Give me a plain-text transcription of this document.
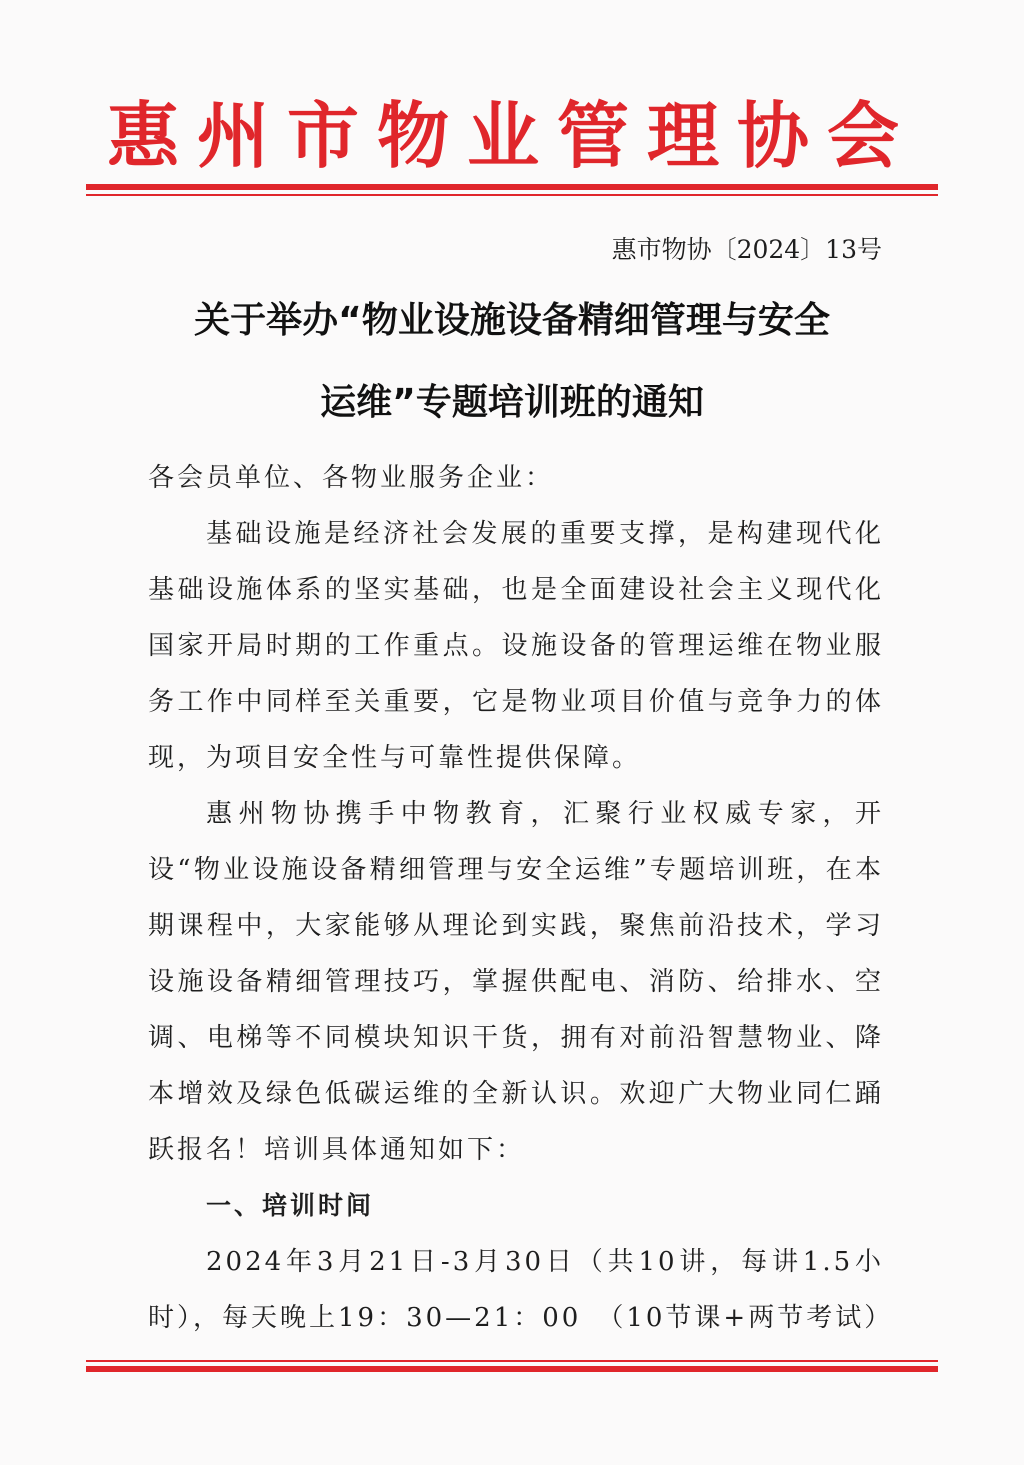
惠州市物业管理协会
惠市物协〔2024〕13号
关于举办“物业设施设备精细管理与安全
运维”专题培训班的通知

各会员单位、各物业服务企业：

基础设施是经济社会发展的重要支撑，是构建现代化基础设施体系的坚实基础，也是全面建设社会主义现代化国家开局时期的工作重点。设施设备的管理运维在物业服务工作中同样至关重要，它是物业项目价值与竞争力的体现，为项目安全性与可靠性提供保障。

惠州物协携手中物教育，汇聚行业权威专家，开设“物业设施设备精细管理与安全运维”专题培训班，在本期课程中，大家能够从理论到实践，聚焦前沿技术，学习设施设备精细管理技巧，掌握供配电、消防、给排水、空调、电梯等不同模块知识干货，拥有对前沿智慧物业、降本增效及绿色低碳运维的全新认识。欢迎广大物业同仁踊跃报名！培训具体通知如下：

一、培训时间

2024年3月21日-3月30日（共10讲，每讲1.5小时），每天晚上19：30—21：00　（10节课+两节考试）
